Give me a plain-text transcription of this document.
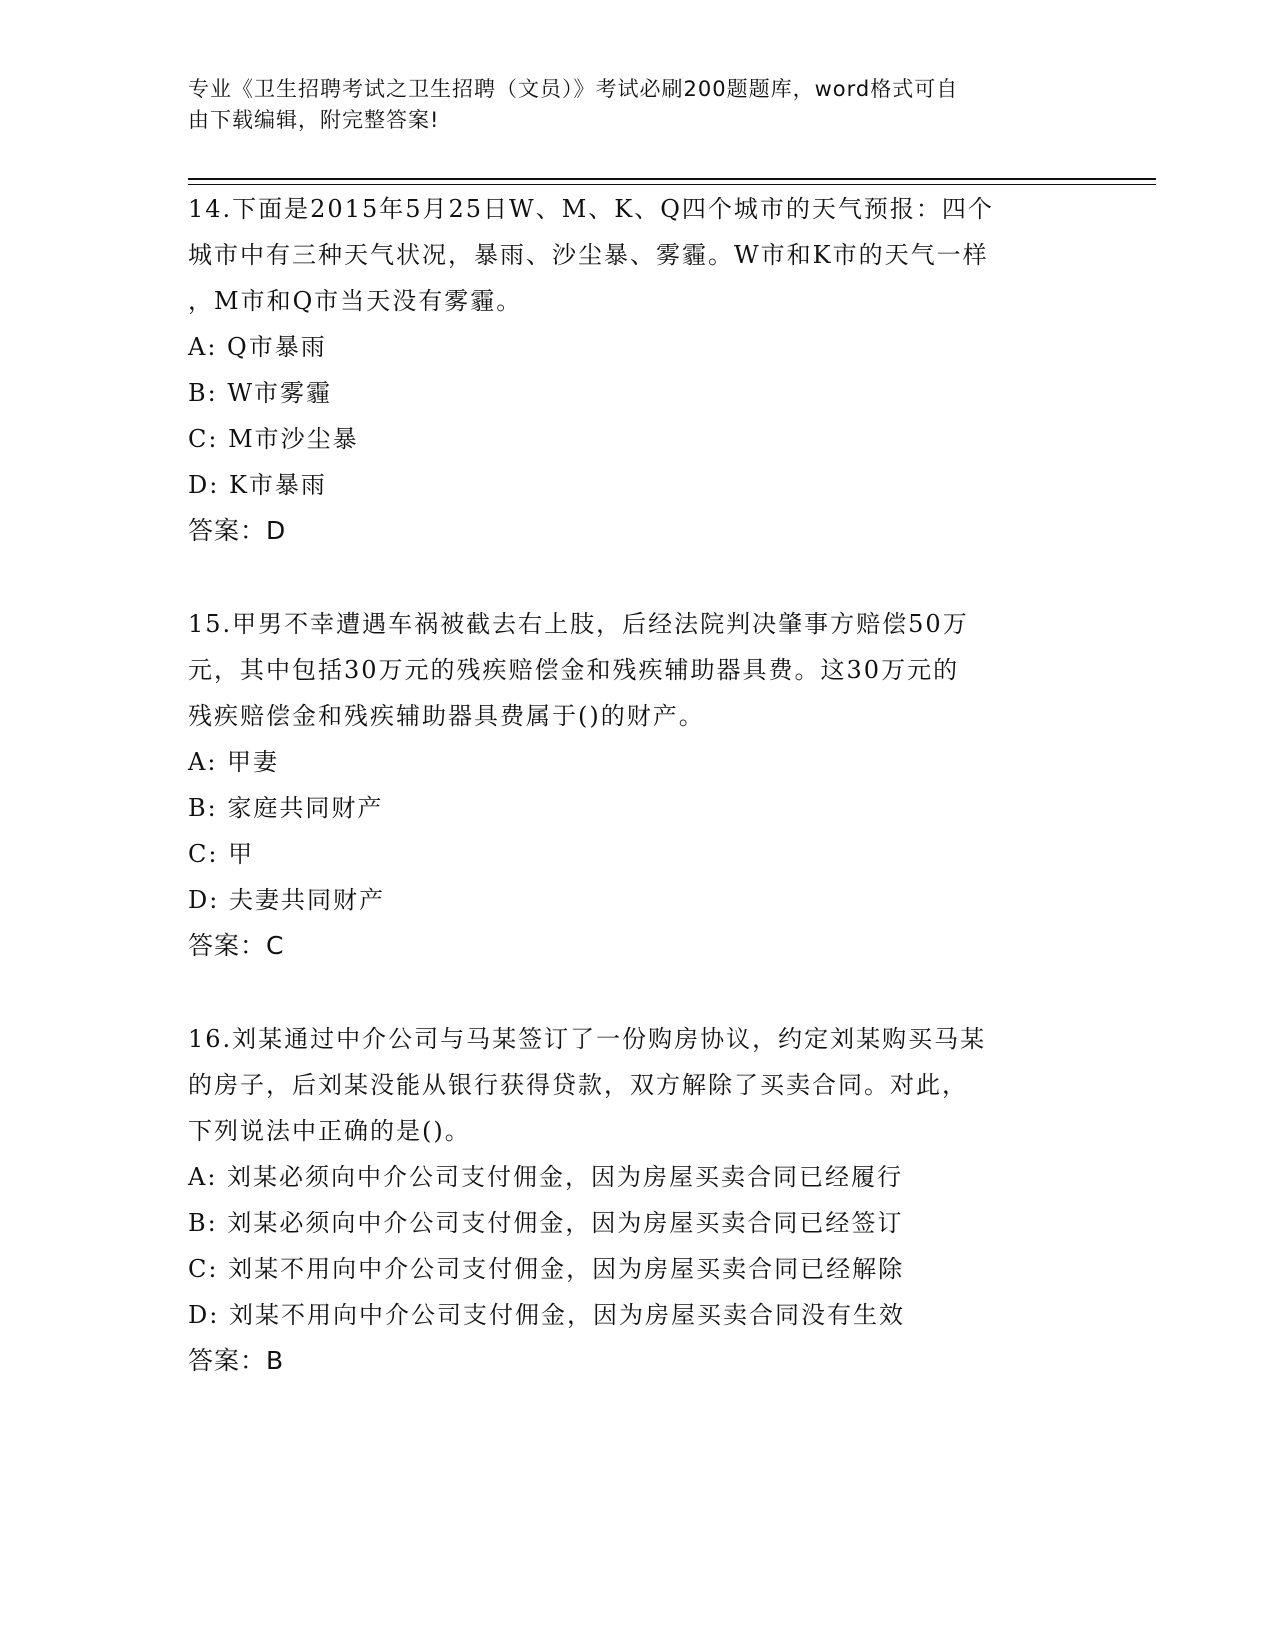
专业《卫生招聘考试之卫生招聘（文员）》考试必刷200题题库，word格式可自
由下载编辑，附完整答案!
14.下面是2015年5月25日W、M、K、Q四个城市的天气预报：四个
城市中有三种天气状况，暴雨、沙尘暴、雾霾。W市和K市的天气一样
，M市和Q市当天没有雾霾。
A: Q市暴雨
B: W市雾霾
C: M市沙尘暴
D: K市暴雨
答案：D
15.甲男不幸遭遇车祸被截去右上肢，后经法院判决肇事方赔偿50万
元，其中包括30万元的残疾赔偿金和残疾辅助器具费。这30万元的
残疾赔偿金和残疾辅助器具费属于()的财产。
A: 甲妻
B: 家庭共同财产
C: 甲
D: 夫妻共同财产
答案：C
16.刘某通过中介公司与马某签订了一份购房协议，约定刘某购买马某
的房子，后刘某没能从银行获得贷款，双方解除了买卖合同。对此，
下列说法中正确的是()。
A: 刘某必须向中介公司支付佣金，因为房屋买卖合同已经履行
B: 刘某必须向中介公司支付佣金，因为房屋买卖合同已经签订
C: 刘某不用向中介公司支付佣金，因为房屋买卖合同已经解除
D: 刘某不用向中介公司支付佣金，因为房屋买卖合同没有生效
答案：B
